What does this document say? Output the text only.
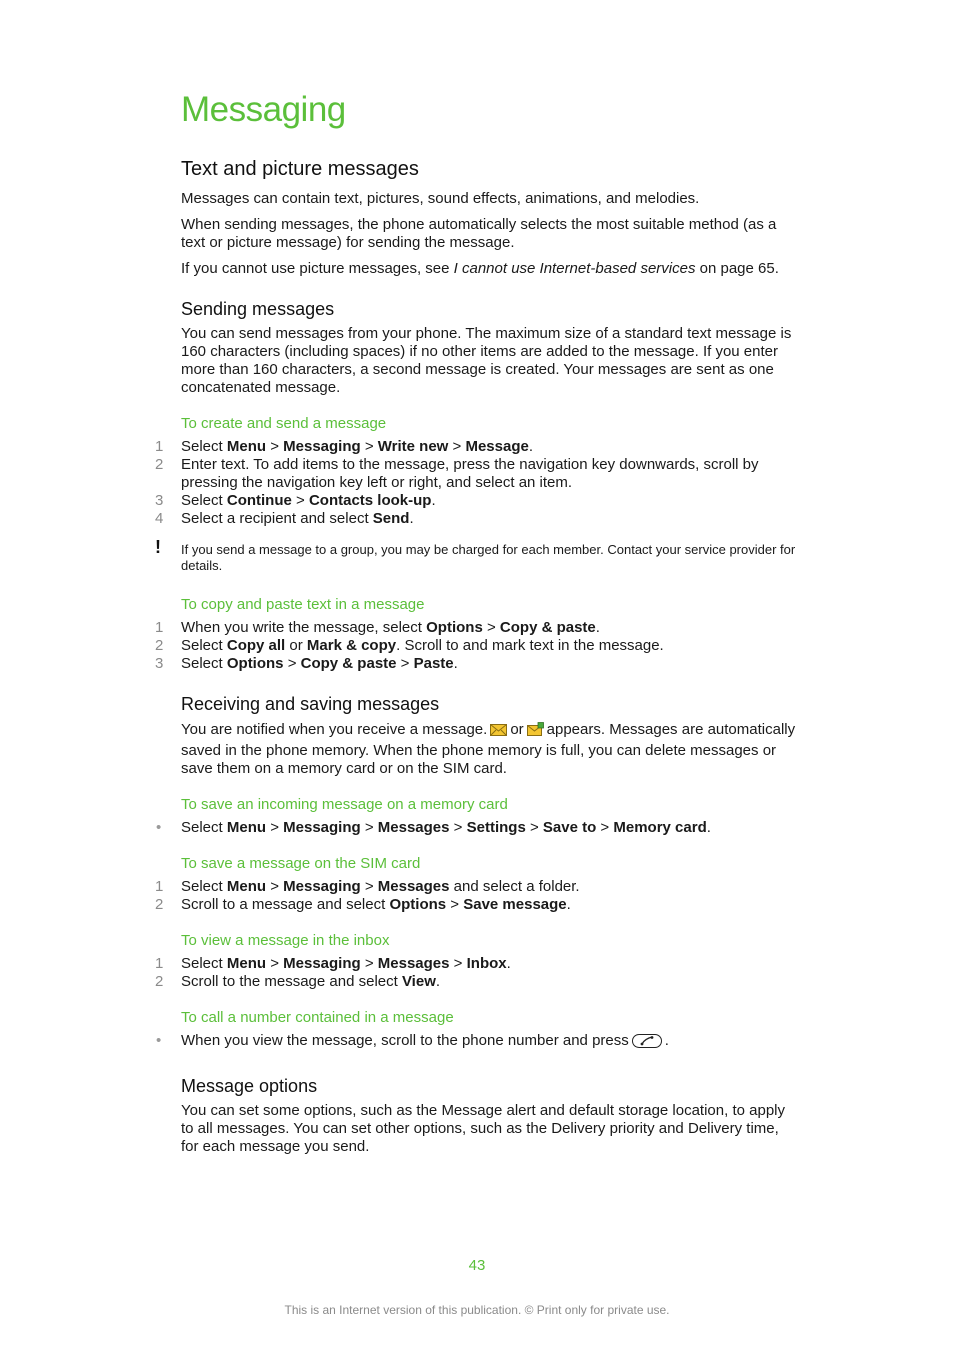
Messaging
Text and picture messages

Messages can contain text, pictures, sound effects, animations, and melodies.

When sending messages, the phone automatically selects the most suitable method (as a text or picture message) for sending the message.

If you cannot use picture messages, see I cannot use Internet-based services on page 65.

Sending messages

You can send messages from your phone. The maximum size of a standard text message is 160 characters (including spaces) if no other items are added to the message. If you enter more than 160 characters, a second message is created. Your messages are sent as one concatenated message.

To create and send a message
1 Select Menu > Messaging > Write new > Message.
2 Enter text. To add items to the message, press the navigation key downwards, scroll by pressing the navigation key left or right, and select an item.
3 Select Continue > Contacts look-up.
4 Select a recipient and select Send.
! If you send a message to a group, you may be charged for each member. Contact your service provider for details.
To copy and paste text in a message
1 When you write the message, select Options > Copy & paste.
2 Select Copy all or Mark & copy. Scroll to and mark text in the message.
3 Select Options > Copy & paste > Paste.
Receiving and saving messages

You are notified when you receive a message. or appears. Messages are automatically saved in the phone memory. When the phone memory is full, you can delete messages or save them on a memory card or on the SIM card.

To save an incoming message on a memory card
• Select Menu > Messaging > Messages > Settings > Save to > Memory card.
To save a message on the SIM card
1 Select Menu > Messaging > Messages and select a folder.
2 Scroll to a message and select Options > Save message.
To view a message in the inbox
1 Select Menu > Messaging > Messages > Inbox.
2 Scroll to the message and select View.
To call a number contained in a message
• When you view the message, scroll to the phone number and press .
Message options

You can set some options, such as the Message alert and default storage location, to apply to all messages. You can set other options, such as the Delivery priority and Delivery time, for each message you send.

43
This is an Internet version of this publication. © Print only for private use.
